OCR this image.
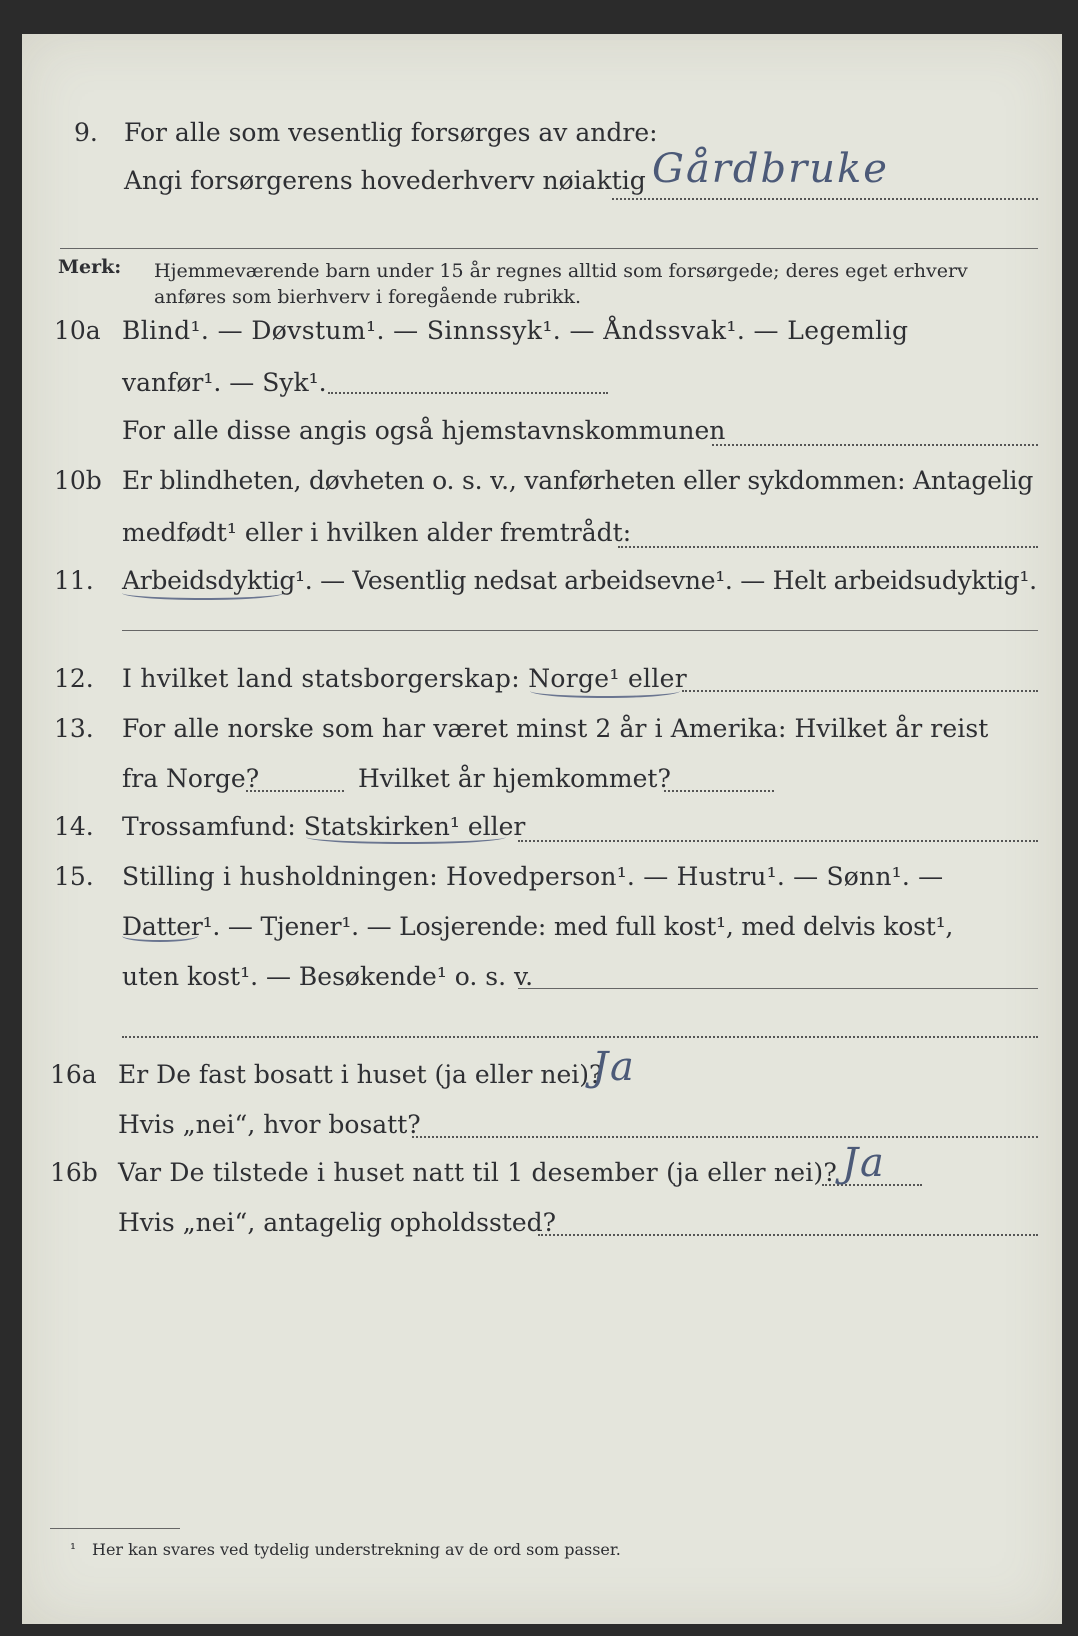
9. For alle som vesentlig forsørges av andre:
Angi forsørgerens hovederhverv nøiaktig Gårdbruke
Merk: Hjemmeværende barn under 15 år regnes alltid som forsørgede; deres eget erhverv
anføres som bierhverv i foregående rubrikk.
10a Blind¹. — Døvstum¹. — Sinnssyk¹. — Åndssvak¹. — Legemlig
vanfør¹. — Syk¹.
For alle disse angis også hjemstavnskommunen
10b Er blindheten, døvheten o. s. v., vanførheten eller sykdommen: Antagelig
medfødt¹ eller i hvilken alder fremtrådt:
11. Arbeidsdyktig¹. — Vesentlig nedsat arbeidsevne¹. — Helt arbeidsudyktig¹.
12. I hvilket land statsborgerskap: Norge¹ eller
13. For alle norske som har været minst 2 år i Amerika: Hvilket år reist
fra Norge?	Hvilket år hjemkommet?
14. Trossamfund: Statskirken¹ eller
15. Stilling i husholdningen: Hovedperson¹. — Hustru¹. — Sønn¹. —
Datter¹. — Tjener¹. — Losjerende: med full kost¹, med delvis kost¹,
uten kost¹. — Besøkende¹ o. s. v.
16a Er De fast bosatt i huset (ja eller nei)?
Ja
Hvis „nei“, hvor bosatt?
16b Var De tilstede i huset natt til 1 desember (ja eller nei)? Ja
Hvis „nei“, antagelig opholdssted?
¹ Her kan svares ved tydelig understrekning av de ord som passer.
